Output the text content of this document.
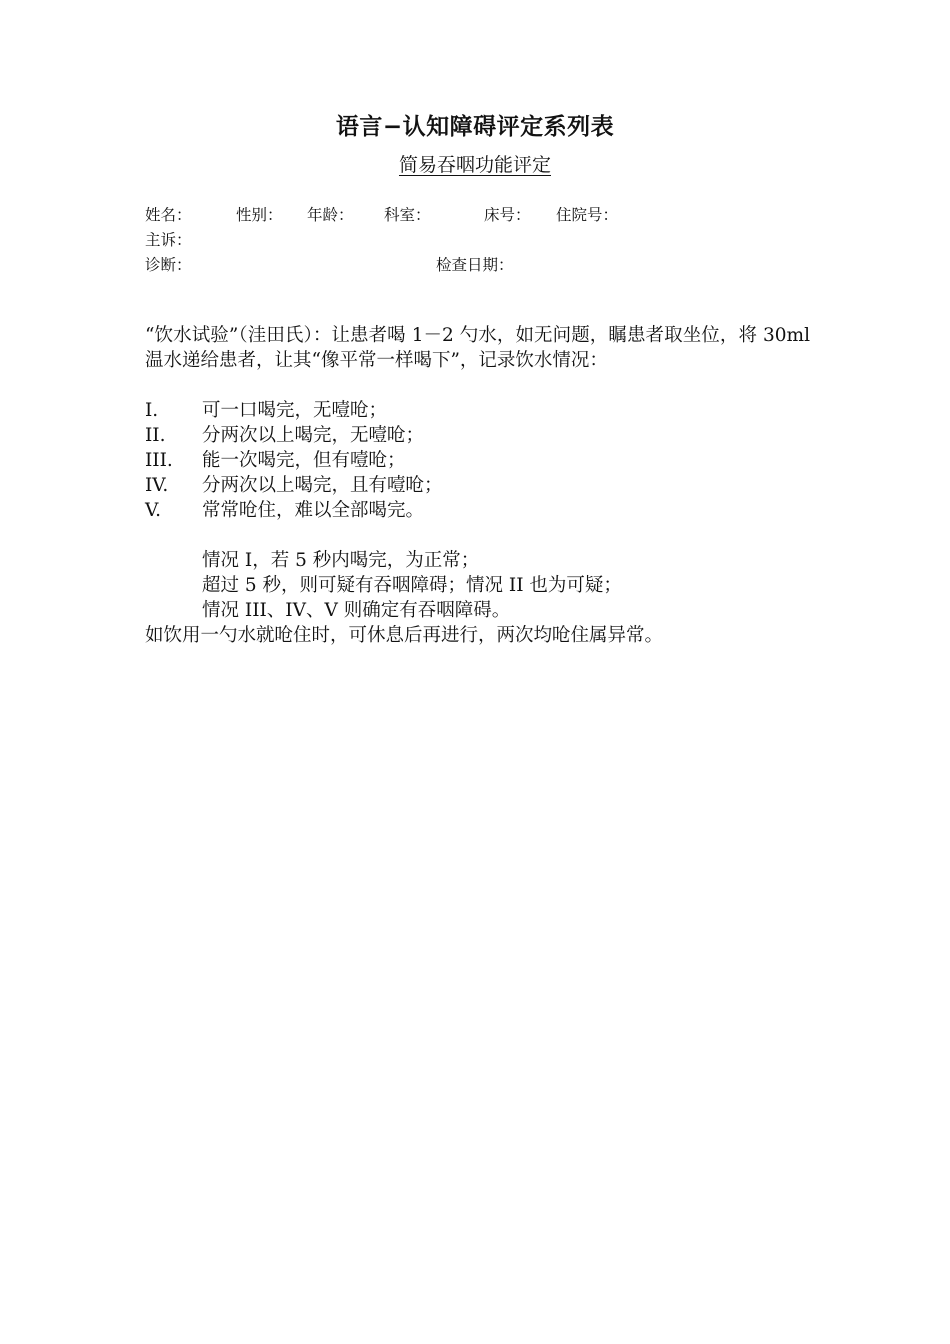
语言−认知障碍评定系列表
简易吞咽功能评定
姓名：	性别： 年龄： 科室：	床号： 住院号：
主诉：
诊断：	检查日期：
“饮水试验”（洼田氏）：让患者喝 1－2 勺水，如无问题，瞩患者取坐位，将 30ml 温水递给患者，让其“像平常一样喝下”，记录饮水情况：
I. 可一口喝完，无噎呛；
II. 分两次以上喝完，无噎呛；
III. 能一次喝完，但有噎呛；
IV. 分两次以上喝完，且有噎呛；
V. 常常呛住，难以全部喝完。
情况 I，若 5 秒内喝完，为正常；
超过 5 秒，则可疑有吞咽障碍；情况 II 也为可疑；
情况 III、IV、V 则确定有吞咽障碍。
如饮用一勺水就呛住时，可休息后再进行，两次均呛住属异常。
